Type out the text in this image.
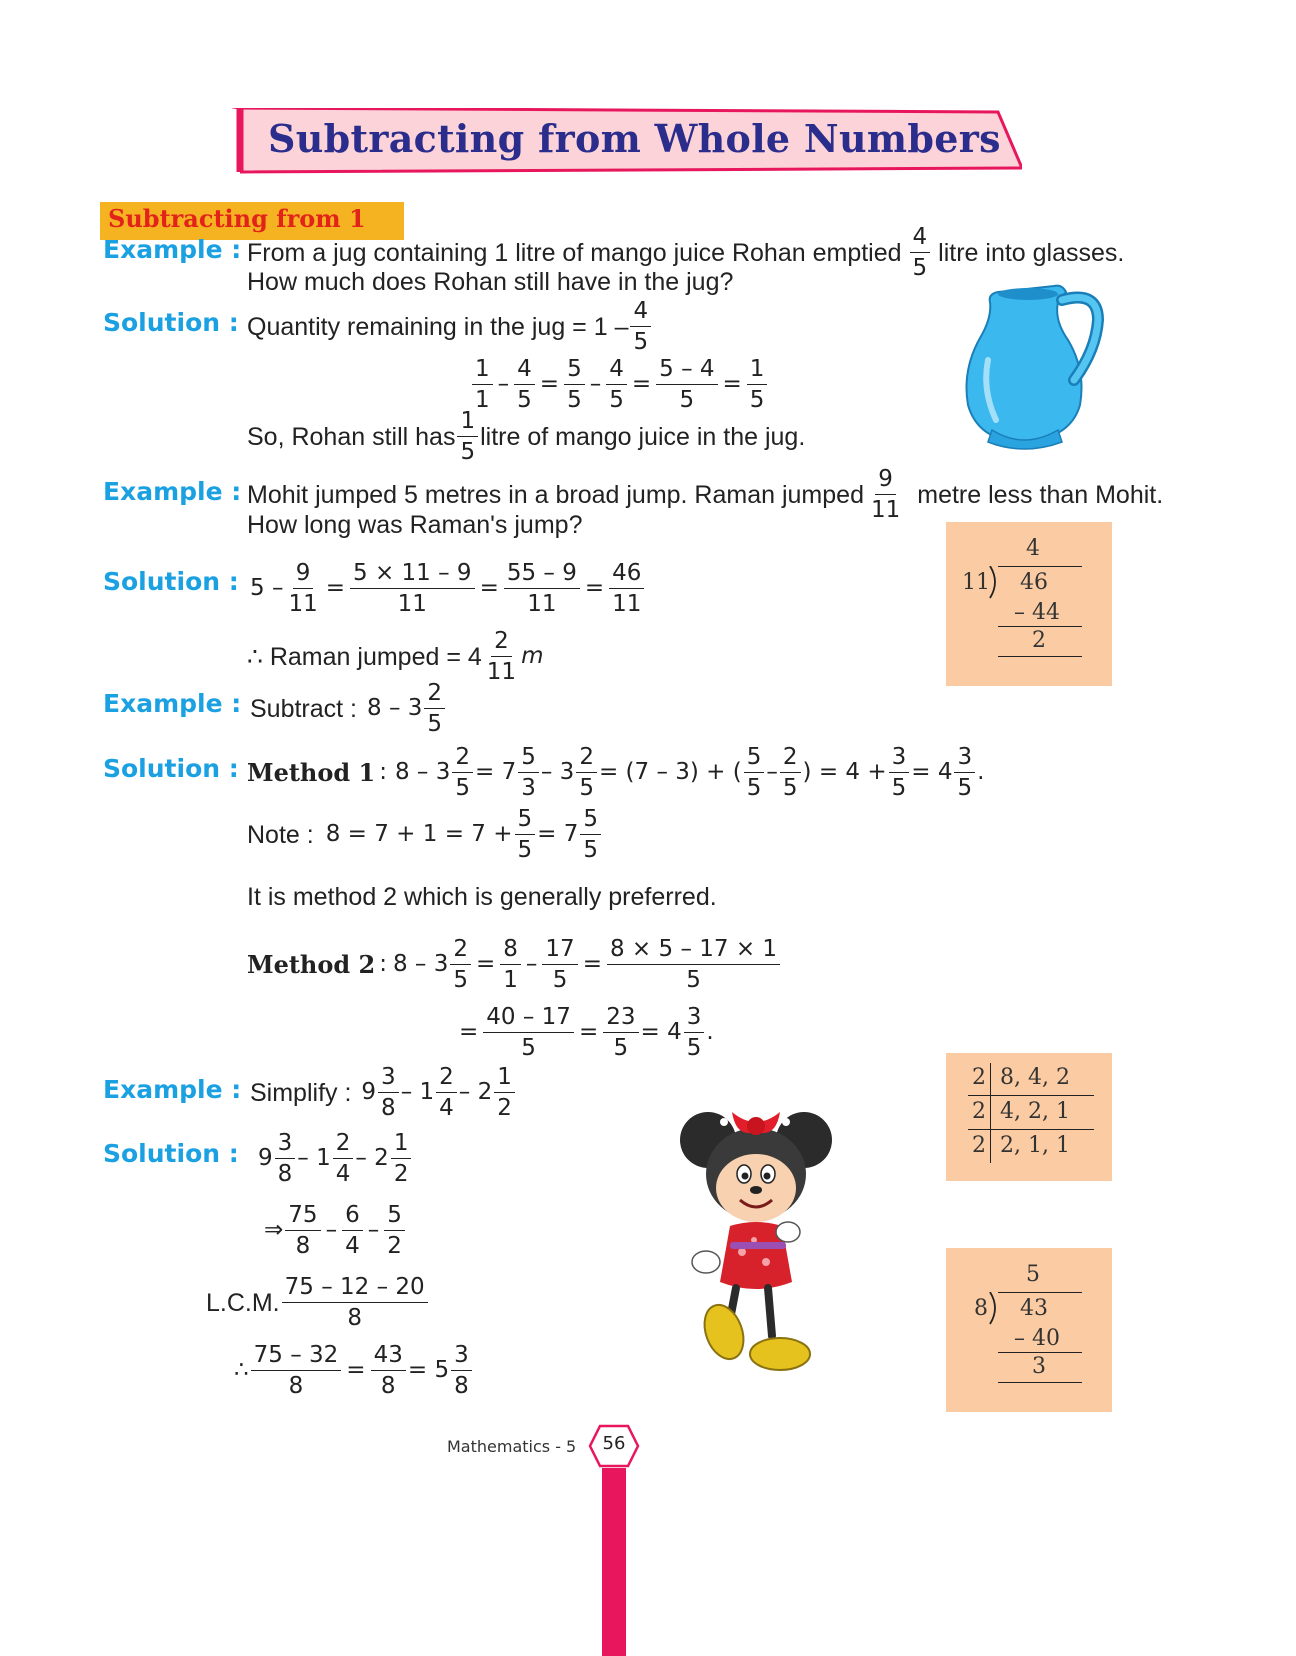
Subtracting from Whole Numbers
Subtracting from 1
Example : From a jug containing 1 litre of mango juice Rohan emptied
4
5
litre into glasses.
How much does Rohan still have in the jug?
Solution : Quantity remaining in the jug = 1 –
4
5
1
1
– $\frac{4}{5} = \frac{5}{5} - \frac{4}{5} = \frac{5 - 4}{5} = \frac{1}{5}$
So, Rohan still has
1
5
litre of mango juice in the jug.
Example : Mohit jumped 5 metres in a broad jump. Raman jumped
9
11
metre less than Mohit.
How long was Raman's jump?
Solution : $5 - \frac{9}{11} = \frac{5 \times 11 - 9}{11} = \frac{55 - 9}{11} = \frac{46}{11}$
∴ Raman jumped = 4
2
11
m
4
11 46
– 44
2
Example : Subtract : 8 – 3
2
5
Solution : Method 1 : $8 - 3 \frac{2}{5} = 7$
5
3
– $3 \frac{2}{5} = (7 - 3)$ + (
5
5
–
2
5
) = $4 + \frac{3}{5} = 4$
3
5
.
Note : $8 = 7 + 1 = 7 + \frac{5}{5} = 7$
5
5
It is method 2 which is generally preferred.
Method 2 : $8 - 3 \frac{2}{5} = \frac{8}{1} - \frac{17}{5} = \frac{8 \times 5 - 17 \times 1}{5}$
= $\frac{40 - 17}{5} = \frac{23}{5} = 4$
3
5
.
Example : Simplify : 9
3
8
– 1
2
4
– 2
1
2
Solution : 9
3
8
– 1
2
4
– 2
1
2
⇒
75
8
–
6
4
–
5
2
L.C.M.
75 – 12 – 20
8
∴ $\frac{75 - 32}{8} = \frac{43}{8} = 5$
3
8
2 8, 4, 2
2 4, 2, 1
2 2, 1, 1
5
8 43
– 40
3
Mathematics - 5	56
